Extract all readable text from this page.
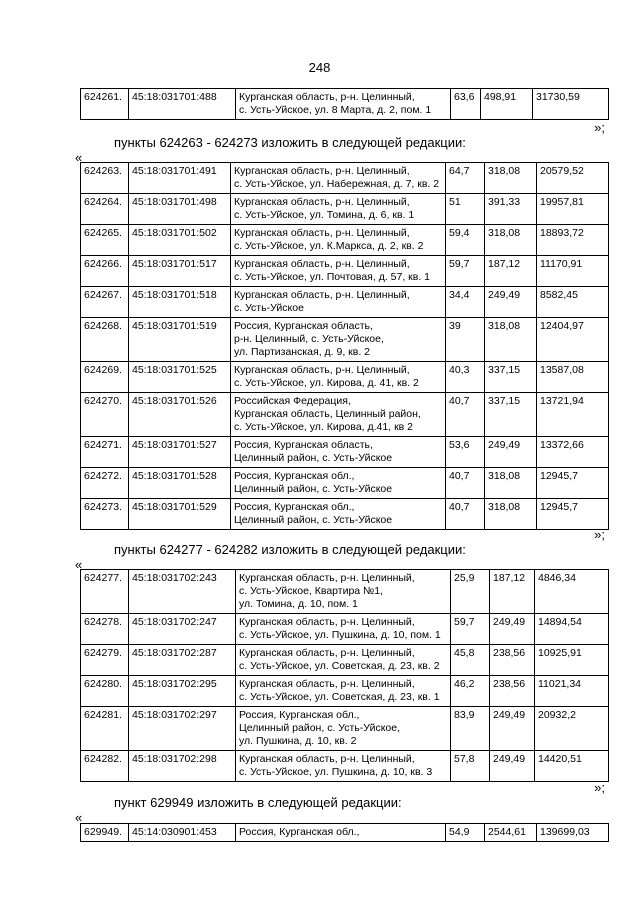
248
624261.	45:18:031701:488	Курганская область, р-н. Целинный,
с. Усть-Уйское, ул. 8 Марта, д. 2, пом. 1	63,6	498,91	31730,59
»;
пункты 624263 - 624273 изложить в следующей редакции:
«
624263.	45:18:031701:491	Курганская область, р-н. Целинный,
с. Усть-Уйское, ул. Набережная, д. 7, кв. 2	64,7	318,08	20579,52
624264.	45:18:031701:498	Курганская область, р-н. Целинный,
с. Усть-Уйское, ул. Томина, д. 6, кв. 1	51	391,33	19957,81
624265.	45:18:031701:502	Курганская область, р-н. Целинный,
с. Усть-Уйское, ул. К.Маркса, д. 2, кв. 2	59,4	318,08	18893,72
624266.	45:18:031701:517	Курганская область, р-н. Целинный,
с. Усть-Уйское, ул. Почтовая, д. 57, кв. 1	59,7	187,12	11170,91
624267.	45:18:031701:518	Курганская область, р-н. Целинный,
с. Усть-Уйское	34,4	249,49	8582,45
624268.	45:18:031701:519	Россия, Курганская область,
р-н. Целинный, с. Усть-Уйское,
ул. Партизанская, д. 9, кв. 2	39	318,08	12404,97
624269.	45:18:031701:525	Курганская область, р-н. Целинный,
с. Усть-Уйское, ул. Кирова, д. 41, кв. 2	40,3	337,15	13587,08
624270.	45:18:031701:526	Российская Федерация,
Курганская область, Целинный район,
с. Усть-Уйское, ул. Кирова, д.41, кв 2	40,7	337,15	13721,94
624271.	45:18:031701:527	Россия, Курганская область,
Целинный район, с. Усть-Уйское	53,6	249,49	13372,66
624272.	45:18:031701:528	Россия, Курганская обл.,
Целинный район, с. Усть-Уйское	40,7	318,08	12945,7
624273.	45:18:031701:529	Россия, Курганская обл.,
Целинный район, с. Усть-Уйское	40,7	318,08	12945,7
»;
пункты 624277 - 624282 изложить в следующей редакции:
«
624277.	45:18:031702:243	Курганская область, р-н. Целинный,
с. Усть-Уйское, Квартира №1,
ул. Томина, д. 10, пом. 1	25,9	187,12	4846,34
624278.	45:18:031702:247	Курганская область, р-н. Целинный,
с. Усть-Уйское, ул. Пушкина, д. 10, пом. 1	59,7	249,49	14894,54
624279.	45:18:031702:287	Курганская область, р-н. Целинный,
с. Усть-Уйское, ул. Советская, д. 23, кв. 2	45,8	238,56	10925,91
624280.	45:18:031702:295	Курганская область, р-н. Целинный,
с. Усть-Уйское, ул. Советская, д. 23, кв. 1	46,2	238,56	11021,34
624281.	45:18:031702:297	Россия, Курганская обл.,
Целинный район, с. Усть-Уйское,
ул. Пушкина, д. 10, кв. 2	83,9	249,49	20932,2
624282.	45:18:031702:298	Курганская область, р-н. Целинный,
с. Усть-Уйское, ул. Пушкина, д. 10, кв. 3	57,8	249,49	14420,51
»;
пункт 629949 изложить в следующей редакции:
«
629949.	45:14:030901:453	Россия, Курганская обл.,	54,9	2544,61	139699,03
